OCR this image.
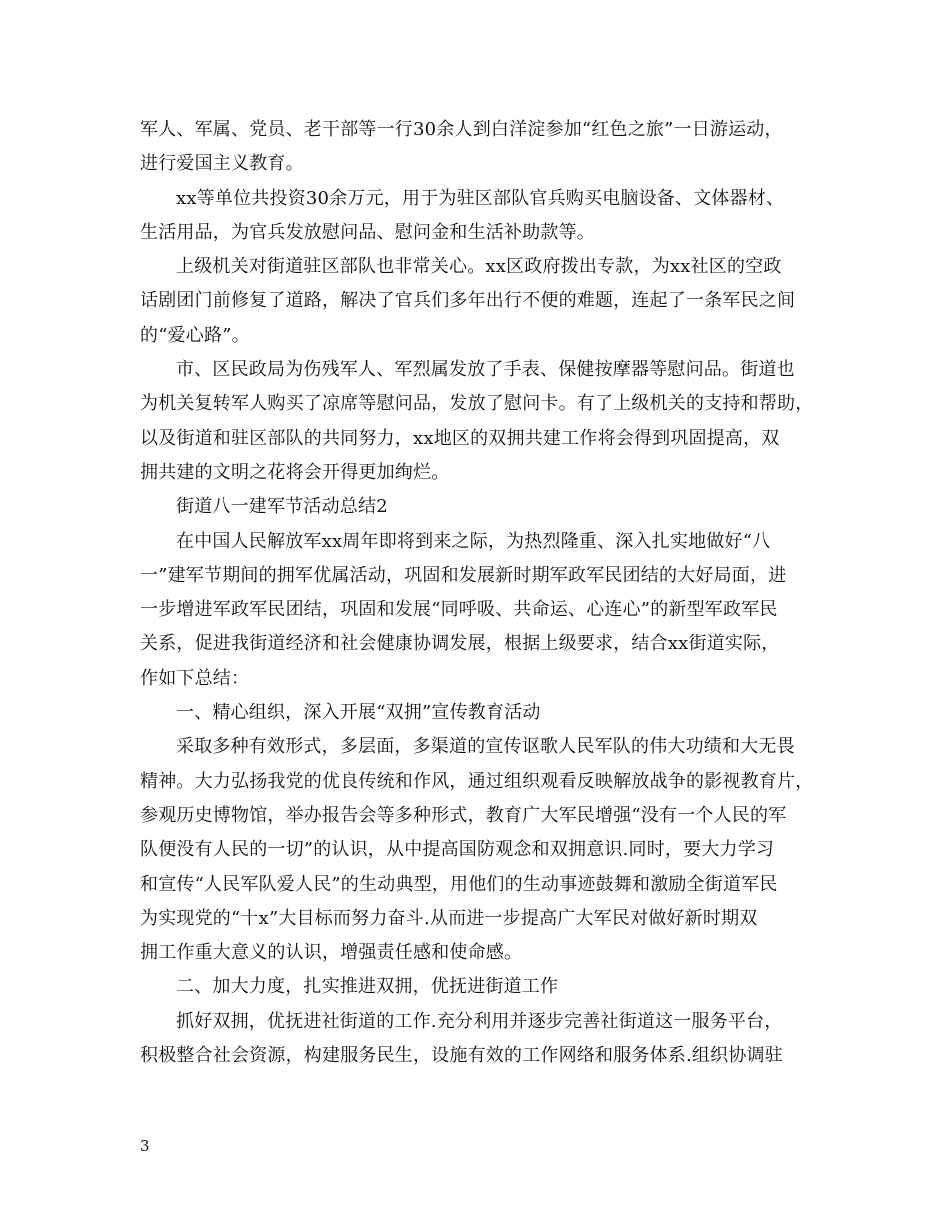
军人、军属、党员、老干部等一行30余人到白洋淀参加“红色之旅”一日游运动，
进行爱国主义教育。
xx等单位共投资30余万元，用于为驻区部队官兵购买电脑设备、文体器材、
生活用品，为官兵发放慰问品、慰问金和生活补助款等。
上级机关对街道驻区部队也非常关心。xx区政府拨出专款，为xx社区的空政
话剧团门前修复了道路，解决了官兵们多年出行不便的难题，连起了一条军民之间
的“爱心路”。
市、区民政局为伤残军人、军烈属发放了手表、保健按摩器等慰问品。街道也
为机关复转军人购买了凉席等慰问品，发放了慰问卡。有了上级机关的支持和帮助，
以及街道和驻区部队的共同努力，xx地区的双拥共建工作将会得到巩固提高，双
拥共建的文明之花将会开得更加绚烂。
街道八一建军节活动总结2
在中国人民解放军xx周年即将到来之际，为热烈隆重、深入扎实地做好“八
一”建军节期间的拥军优属活动，巩固和发展新时期军政军民团结的大好局面，进
一步增进军政军民团结，巩固和发展“同呼吸、共命运、心连心”的新型军政军民
关系，促进我街道经济和社会健康协调发展，根据上级要求，结合xx街道实际，
作如下总结：
一、精心组织，深入开展“双拥”宣传教育活动
采取多种有效形式，多层面，多渠道的宣传讴歌人民军队的伟大功绩和大无畏
精神。大力弘扬我党的优良传统和作风，通过组织观看反映解放战争的影视教育片，
参观历史博物馆，举办报告会等多种形式，教育广大军民增强“没有一个人民的军
队便没有人民的一切”的认识，从中提高国防观念和双拥意识.同时，要大力学习
和宣传“人民军队爱人民”的生动典型，用他们的生动事迹鼓舞和激励全街道军民
为实现党的“十x”大目标而努力奋斗.从而进一步提高广大军民对做好新时期双
拥工作重大意义的认识，增强责任感和使命感。
二、加大力度，扎实推进双拥，优抚进街道工作
抓好双拥，优抚进社街道的工作.充分利用并逐步完善社街道这一服务平台，
积极整合社会资源，构建服务民生，设施有效的工作网络和服务体系.组织协调驻
3
